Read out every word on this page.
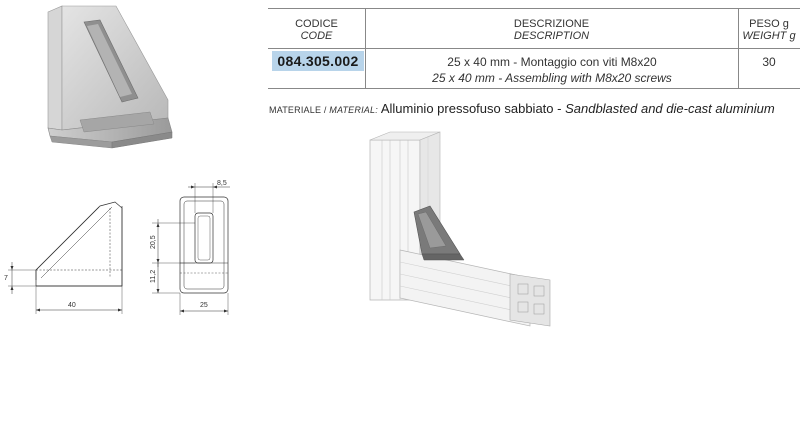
CODICE
CODE
DESCRIZIONE
DESCRIPTION
PESO g
WEIGHT g
084.305.002	25 x 40 mm - Montaggio con viti M8x20
25 x 40 mm - Assembling with M8x20 screws
30
MATERIALE / MATERIAL: Alluminio pressofuso sabbiato - Sandblasted and die-cast aluminium
7
40
8,5
20,5
11,2
25
